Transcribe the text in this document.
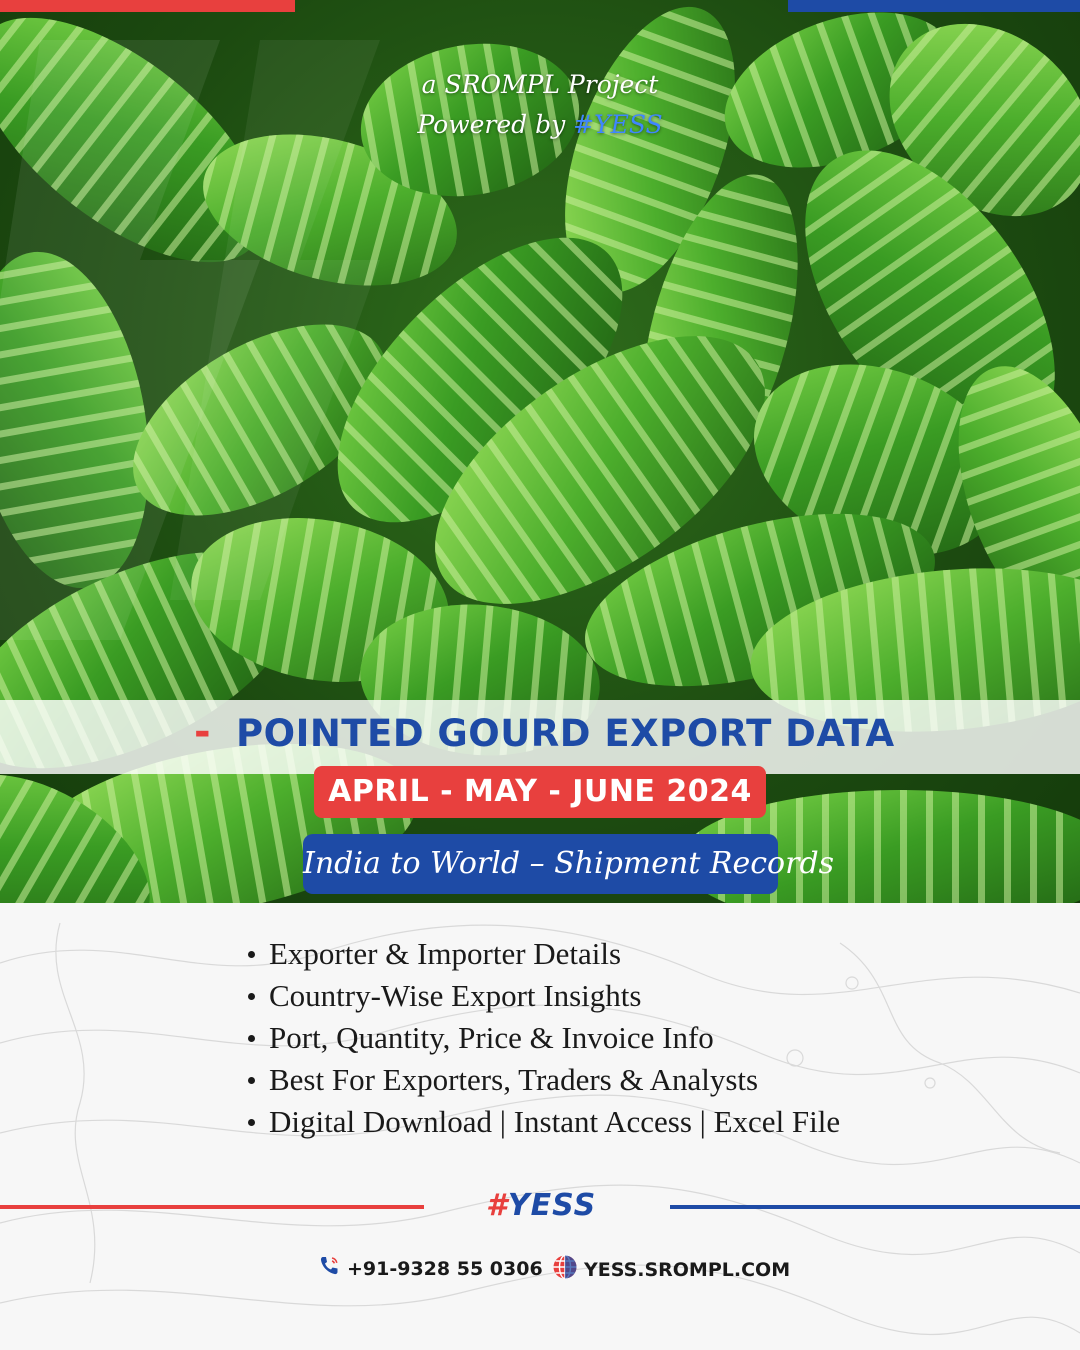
a SROMPL Project
Powered by #YESS
- POINTED GOURD EXPORT DATA
APRIL - MAY - JUNE 2024
India to World – Shipment Records
Exporter & Importer Details
Country-Wise Export Insights
Port, Quantity, Price & Invoice Info
Best For Exporters, Traders & Analysts
Digital Download | Instant Access | Excel File
#YESS
+91-9328 55 0306	YESS.SROMPL.COM
